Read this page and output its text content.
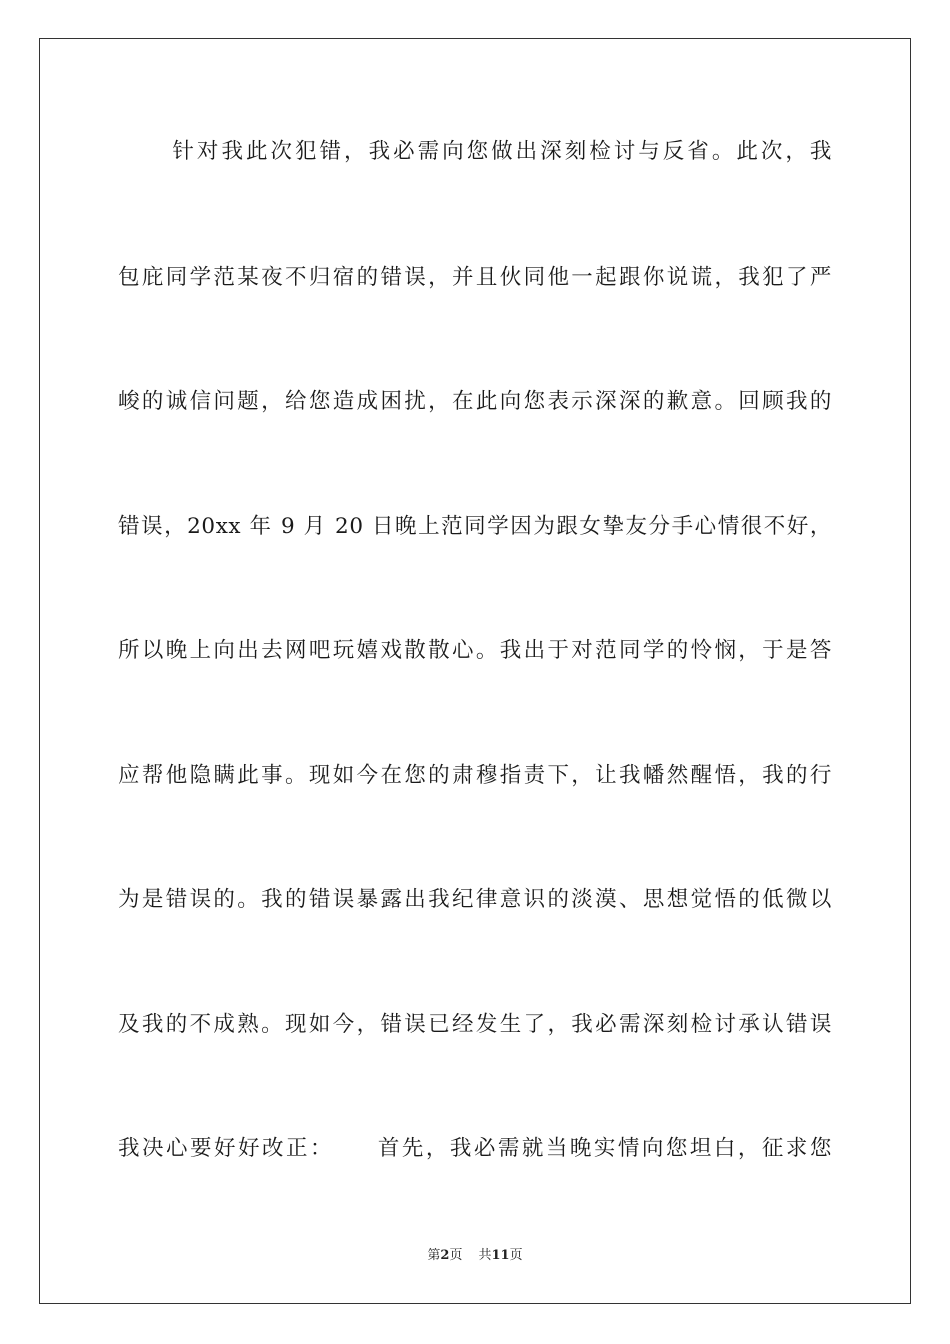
针对我此次犯错，我必需向您做出深刻检讨与反省。此次，我
包庇同学范某夜不归宿的错误，并且伙同他一起跟你说谎，我犯了严
峻的诚信问题，给您造成困扰，在此向您表示深深的歉意。回顾我的
错误，20xx 年 9 月 20 日晚上范同学因为跟女挚友分手心情很不好，
所以晚上向出去网吧玩嬉戏散散心。我出于对范同学的怜悯，于是答
应帮他隐瞒此事。现如今在您的肃穆指责下，让我幡然醒悟，我的行
为是错误的。我的错误暴露出我纪律意识的淡漠、思想觉悟的低微以
及我的不成熟。现如今，错误已经发生了，我必需深刻检讨承认错误
我决心要好好改正： 首先，我必需就当晚实情向您坦白，征求您
第2页 共11页
